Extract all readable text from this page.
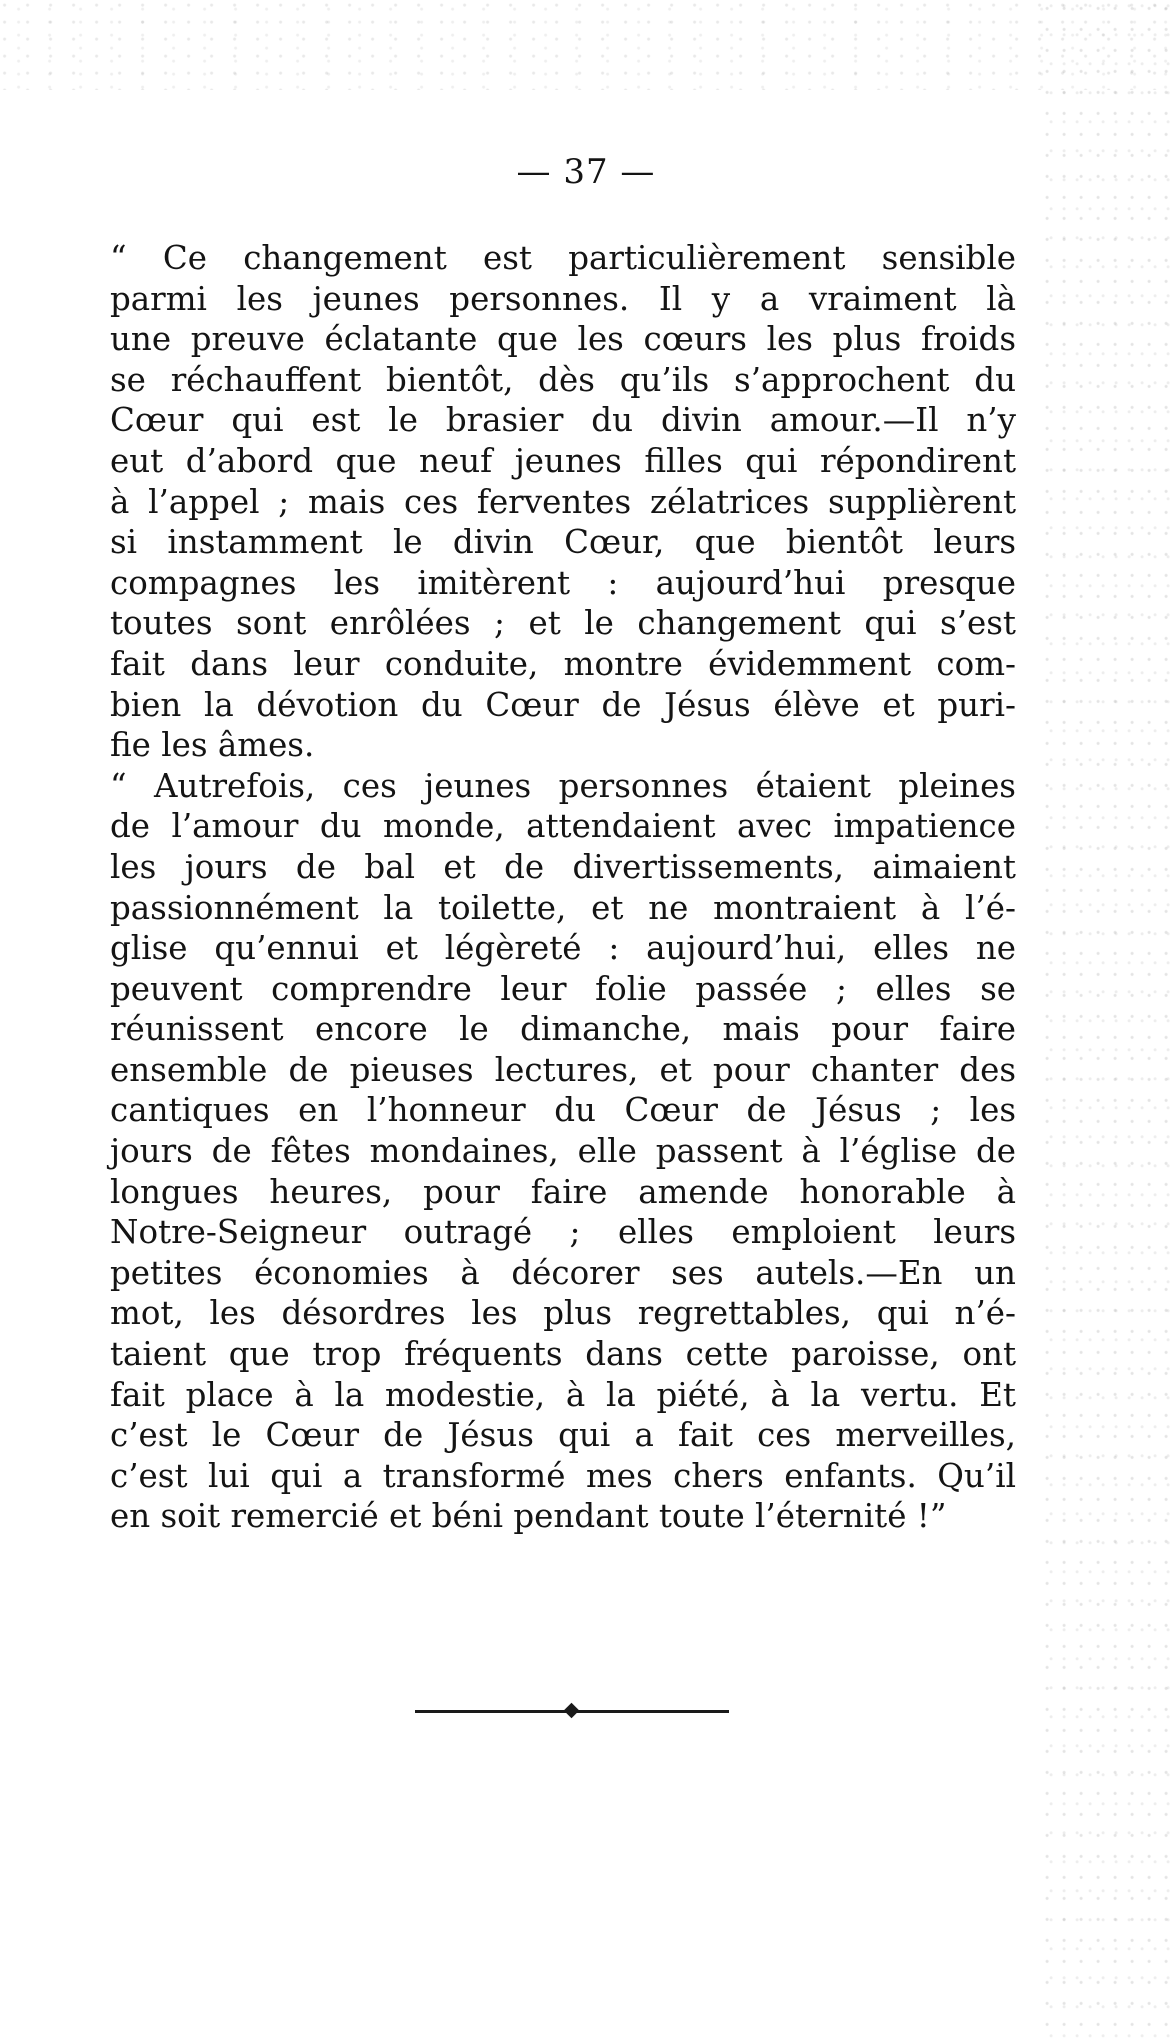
— 37 —
“ Ce changement est particulièrement sensible
parmi les jeunes personnes. Il y a vraiment là
une preuve éclatante que les cœurs les plus froids
se réchauffent bientôt, dès qu’ils s’approchent du
Cœur qui est le brasier du divin amour.—Il n’y
eut d’abord que neuf jeunes filles qui répondirent
à l’appel ; mais ces ferventes zélatrices supplièrent
si instamment le divin Cœur, que bientôt leurs
compagnes les imitèrent : aujourd’hui presque
toutes sont enrôlées ; et le changement qui s’est
fait dans leur conduite, montre évidemment com-
bien la dévotion du Cœur de Jésus élève et puri-
fie les âmes.
“ Autrefois, ces jeunes personnes étaient pleines
de l’amour du monde, attendaient avec impatience
les jours de bal et de divertissements, aimaient
passionnément la toilette, et ne montraient à l’é-
glise qu’ennui et légèreté : aujourd’hui, elles ne
peuvent comprendre leur folie passée ; elles se
réunissent encore le dimanche, mais pour faire
ensemble de pieuses lectures, et pour chanter des
cantiques en l’honneur du Cœur de Jésus ; les
jours de fêtes mondaines, elle passent à l’église de
longues heures, pour faire amende honorable à
Notre-Seigneur outragé ; elles emploient leurs
petites économies à décorer ses autels.—En un
mot, les désordres les plus regrettables, qui n’é-
taient que trop fréquents dans cette paroisse, ont
fait place à la modestie, à la piété, à la vertu. Et
c’est le Cœur de Jésus qui a fait ces merveilles,
c’est lui qui a transformé mes chers enfants. Qu’il
en soit remercié et béni pendant toute l’éternité !”
